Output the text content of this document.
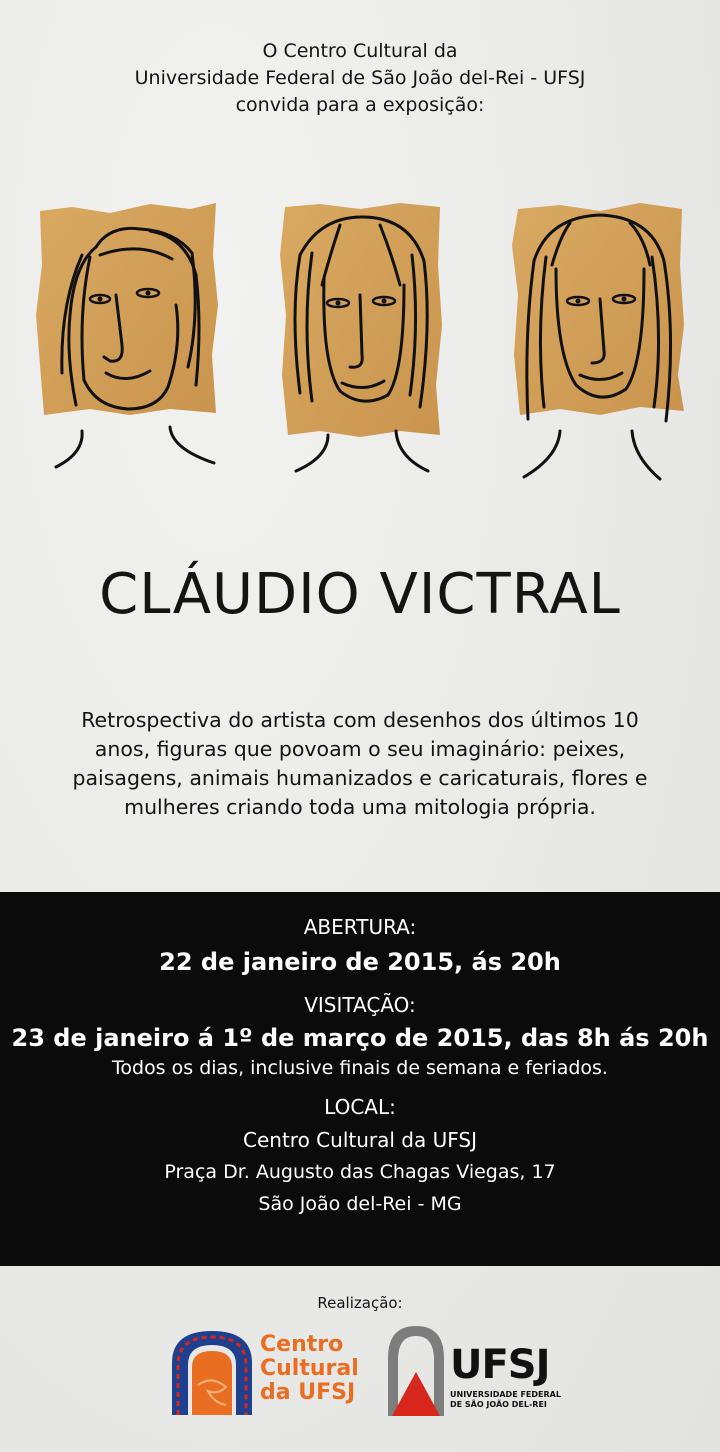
O Centro Cultural da
Universidade Federal de São João del-Rei - UFSJ
convida para a exposição:
CLÁUDIO VICTRAL
Retrospectiva do artista com desenhos dos últimos 10
anos, figuras que povoam o seu imaginário: peixes,
paisagens, animais humanizados e caricaturais, flores e
mulheres criando toda uma mitologia própria.
ABERTURA:
22 de janeiro de 2015, ás 20h
VISITAÇÃO:
23 de janeiro á 1º de março de 2015, das 8h ás 20h
Todos os dias, inclusive finais de semana e feriados.
LOCAL:
Centro Cultural da UFSJ
Praça Dr. Augusto das Chagas Viegas, 17
São João del-Rei - MG
Realização:
Centro
Cultural
da UFSJ
UFSJ
UNIVERSIDADE FEDERAL
DE SÃO JOÃO DEL-REI
